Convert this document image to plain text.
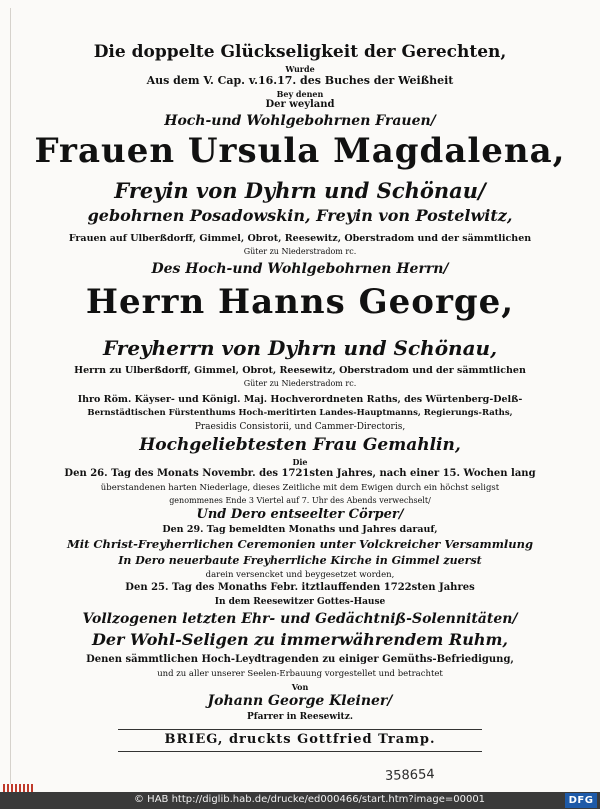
Die doppelte Glückseligkeit der Gerechten,
Wurde
Aus dem V. Cap. v.16.17. des Buches der Weißheit
Bey denen
Der weyland
Hoch-und Wohlgebohrnen Frauen/
Frauen Ursula Magdalena,
Freyin von Dyhrn und Schönau/
gebohrnen Posadowskin, Freyin von Postelwitz,
Frauen auf Ulberßdorff, Gimmel, Obrot, Reesewitz, Oberstradom und der sämmtlichen
Güter zu Niederstradom rc.
Des Hoch-und Wohlgebohrnen Herrn/
Herrn Hanns George,
Freyherrn von Dyhrn und Schönau,
Herrn zu Ulberßdorff, Gimmel, Obrot, Reesewitz, Oberstradom und der sämmtlichen
Güter zu Niederstradom rc.
Ihro Röm. Käyser- und Königl. Maj. Hochverordneten Raths, des Würtenberg-Delß-
Bernstädtischen Fürstenthums Hoch-meritirten Landes-Hauptmanns, Regierungs-Raths,
Praesidis Consistorii, und Cammer-Directoris,
Hochgeliebtesten Frau Gemahlin,
Die
Den 26. Tag des Monats Novembr. des 1721sten Jahres, nach einer 15. Wochen lang
überstandenen harten Niederlage, dieses Zeitliche mit dem Ewigen durch ein höchst seligst
genommenes Ende 3 Viertel auf 7. Uhr des Abends verwechselt/
Und Dero entseelter Cörper/
Den 29. Tag bemeldten Monaths und Jahres darauf,
Mit Christ-Freyherrlichen Ceremonien unter Volckreicher Versammlung
In Dero neuerbaute Freyherrliche Kirche in Gimmel zuerst
darein versencket und beygesetzet worden,
Den 25. Tag des Monaths Febr. itztlauffenden 1722sten Jahres
In dem Reesewitzer Gottes-Hause
Vollzogenen letzten Ehr- und Gedächtniß-Solennitäten/
Der Wohl-Seligen zu immerwährendem Ruhm,
Denen sämmtlichen Hoch-Leydtragenden zu einiger Gemüths-Befriedigung,
und zu aller unserer Seelen-Erbauung vorgestellet und betrachtet
Von
Johann George Kleiner/
Pfarrer in Reesewitz.
BRIEG, druckts Gottfried Tramp.
358654
© HAB http://diglib.hab.de/drucke/ed000466/start.htm?image=00001	DFG
